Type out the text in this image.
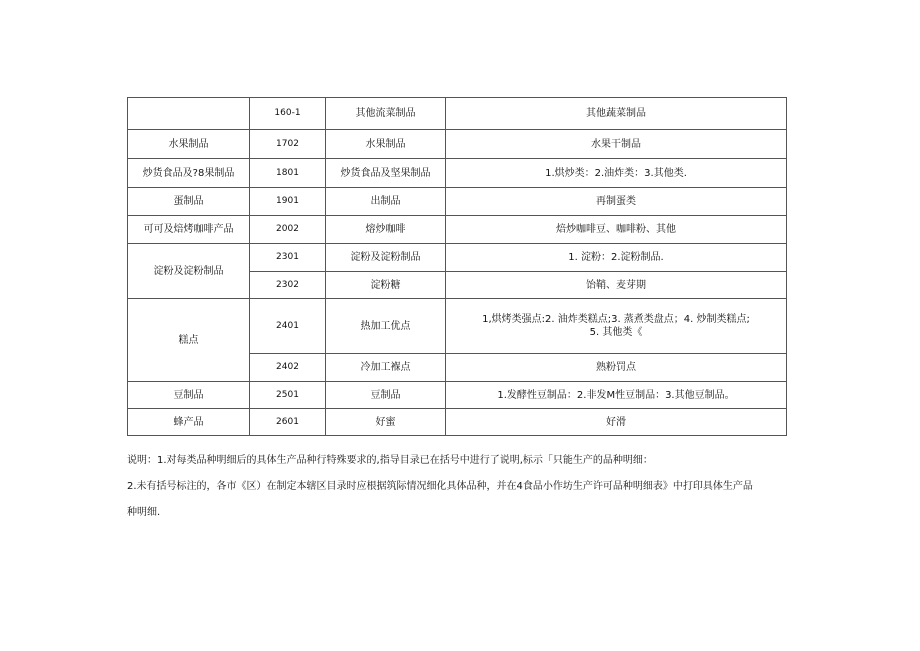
	160-1	其他流菜制品	其他蔬菜制品
水果制品	1702	水果制品	水果干制品
炒货食品及?8果制品	1801	炒货食品及坚果制品	1.烘炒类：2.油炸类：3.其他类.
蛋制品	1901	出制品	再制蛋类
可可及焙烤咖啡产品	2002	熔炒咖啡	焙炒咖啡豆、咖啡粉、其他
淀粉及淀粉制品	2301	淀粉及淀粉制品	1. 淀粉：2.淀粉制品.
	2302	淀粉糖	饴鞘、麦芽期
糕点	2401	热加工优点	1,烘烤类强点:2. 油炸类糕点;3. 蒸煮类盘点；4. 炒制类糕点;
5. 其他类《

	2402	冷加工褓点	熟粉罚点
豆制品	2501	豆制品	1.发酵性豆制品：2.非发M性豆制品：3.其他豆制品。
蜂产品	2601	好蜜	好滑

说明：1.对每类品种明细后的具体生产品种行特殊要求的,指导目录已在括号中进行了说明,标示「只能生产的品种明细：

2.未有括号标注的，各市《区）在制定本辖区目录时应根据筑际情况细化具体品种，并在4食品小作坊生产许可品种明细表》中打印具体生产品

种明细.
